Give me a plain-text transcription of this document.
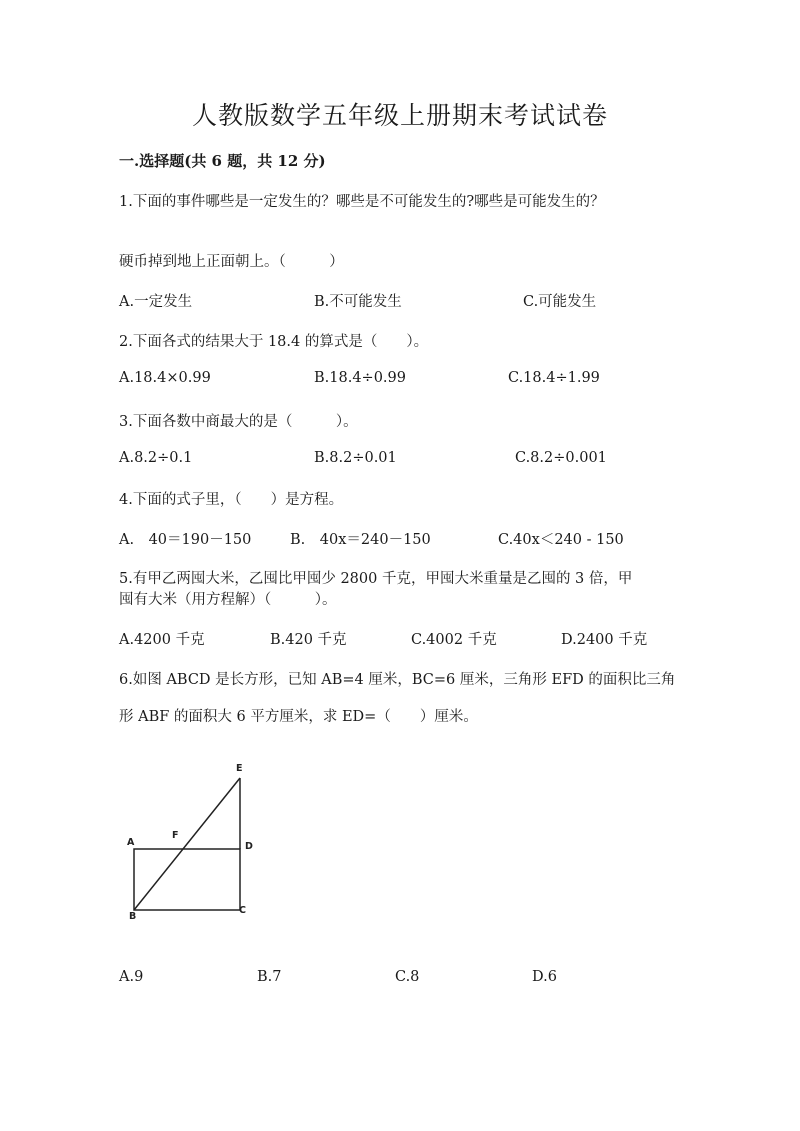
人教版数学五年级上册期末考试试卷
一.选择题(共 6 题，共 12 分)
1.下面的事件哪些是一定发生的？哪些是不可能发生的?哪些是可能发生的？
硬币掉到地上正面朝上。（　　　）
A.一定发生	B.不可能发生	C.可能发生
2.下面各式的结果大于 18.4 的算式是（　　）。
A.18.4×0.99	B.18.4÷0.99	C.18.4÷1.99
3.下面各数中商最大的是（　　　）。
A.8.2÷0.1	B.8.2÷0.01	C.8.2÷0.001
4.下面的式子里，（　　）是方程。
A.　40＝190－150	B.　40x＝240－150	C.40x＜240 - 150
5.有甲乙两囤大米，乙囤比甲囤少 2800 千克，甲囤大米重量是乙囤的 3 倍，甲
囤有大米（用方程解）（　　　）。
A.4200 千克	B.420 千克	C.4002 千克	D.2400 千克
6.如图 ABCD 是长方形，已知 AB=4 厘米，BC=6 厘米，三角形 EFD 的面积比三角
形 ABF 的面积大 6 平方厘米，求 ED=（　　）厘米。
E
A
F
D
B
C
A.9	B.7	C.8	D.6
